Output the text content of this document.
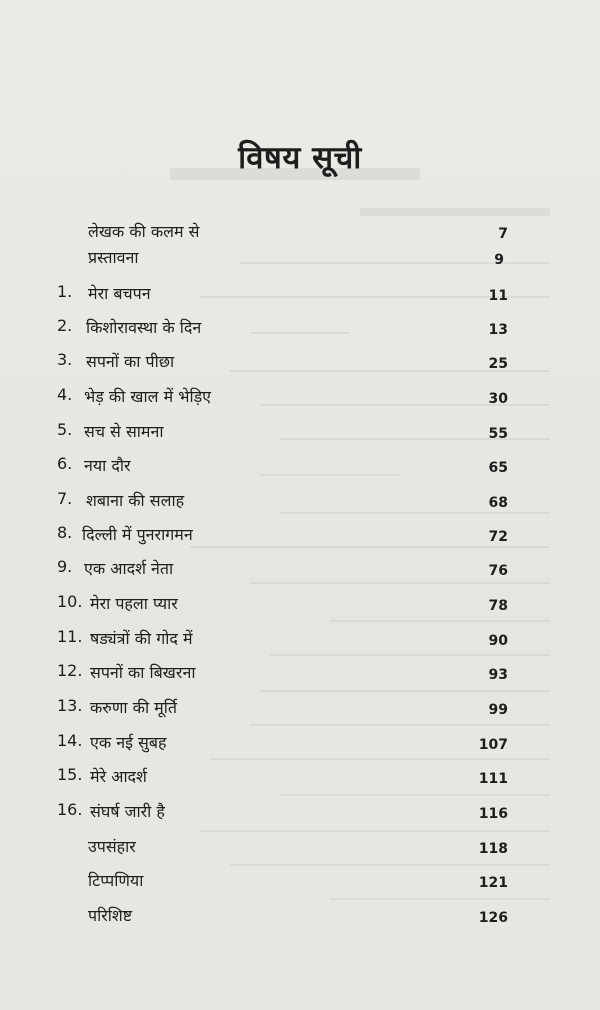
विषय सूची
लेखक की कलम से	7
प्रस्तावना	9
1. मेरा बचपन	11
2. किशोरावस्था के दिन	13
3. सपनों का पीछा	25
4. भेड़ की खाल में भेड़िए	30
5. सच से सामना	55
6. नया दौर	65
7. शबाना की सलाह	68
8. दिल्ली में पुनरागमन	72
9. एक आदर्श नेता	76
10. मेरा पहला प्यार	78
11. षड्यंत्रों की गोद में	90
12. सपनों का बिखरना	93
13. करुणा की मूर्ति	99
14. एक नई सुबह	107
15. मेरे आदर्श	111
16. संघर्ष जारी है	116
उपसंहार	118
टिप्पणिया	121
परिशिष्ट	126
